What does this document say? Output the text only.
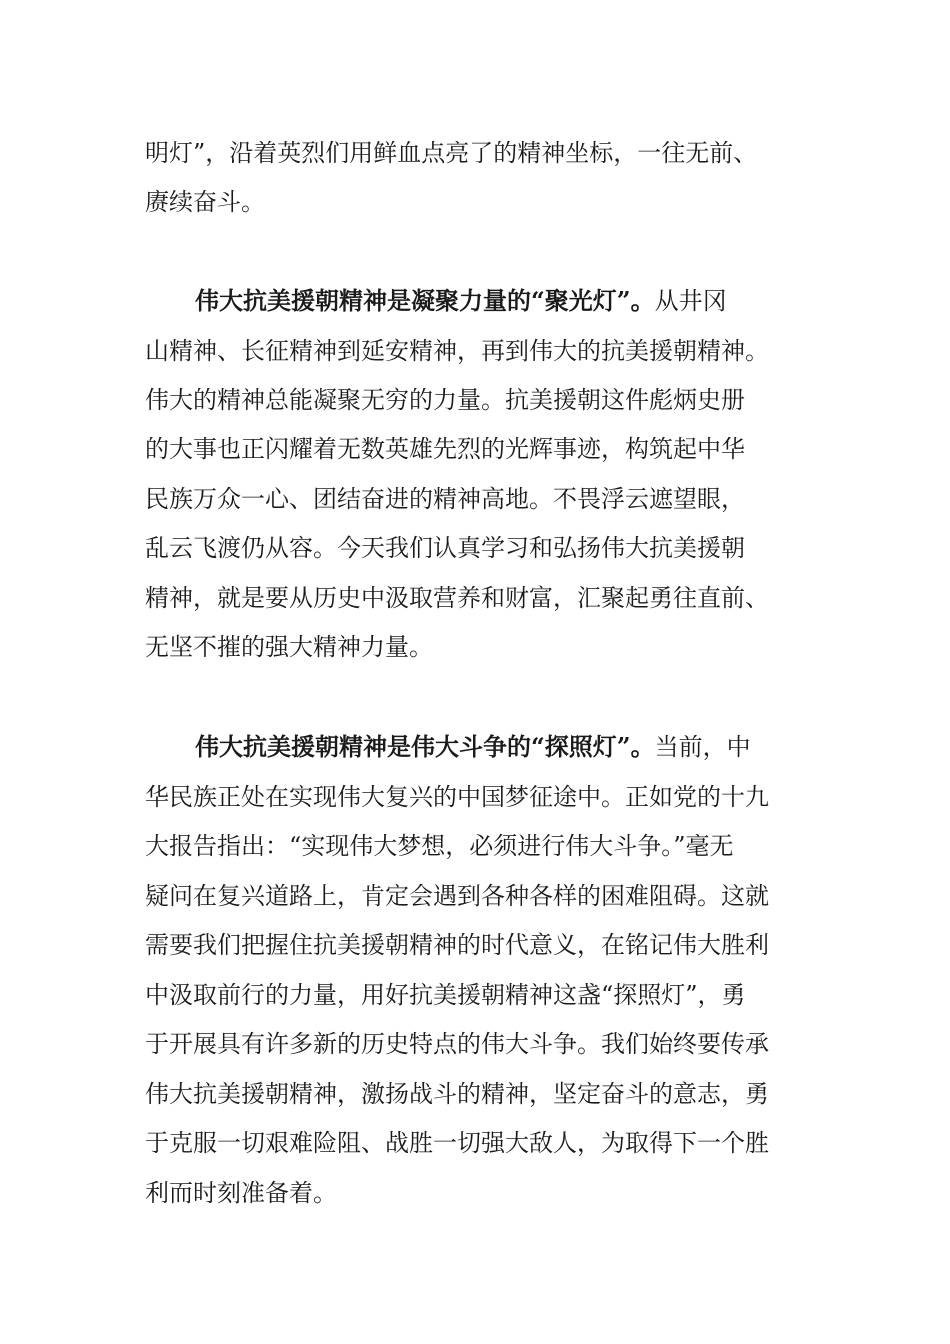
明灯”，沿着英烈们用鲜血点亮了的精神坐标，一往无前、
赓续奋斗。
伟大抗美援朝精神是凝聚力量的“聚光灯”。从井冈
山精神、长征精神到延安精神，再到伟大的抗美援朝精神。
伟大的精神总能凝聚无穷的力量。抗美援朝这件彪炳史册
的大事也正闪耀着无数英雄先烈的光辉事迹，构筑起中华
民族万众一心、团结奋进的精神高地。不畏浮云遮望眼，
乱云飞渡仍从容。今天我们认真学习和弘扬伟大抗美援朝
精神，就是要从历史中汲取营养和财富，汇聚起勇往直前、
无坚不摧的强大精神力量。
伟大抗美援朝精神是伟大斗争的“探照灯”。当前，中
华民族正处在实现伟大复兴的中国梦征途中。正如党的十九
大报告指出：“实现伟大梦想，必须进行伟大斗争。”毫无
疑问在复兴道路上，肯定会遇到各种各样的困难阻碍。这就
需要我们把握住抗美援朝精神的时代意义，在铭记伟大胜利
中汲取前行的力量，用好抗美援朝精神这盏“探照灯”，勇
于开展具有许多新的历史特点的伟大斗争。我们始终要传承
伟大抗美援朝精神，激扬战斗的精神，坚定奋斗的意志，勇
于克服一切艰难险阻、战胜一切强大敌人，为取得下一个胜
利而时刻准备着。
